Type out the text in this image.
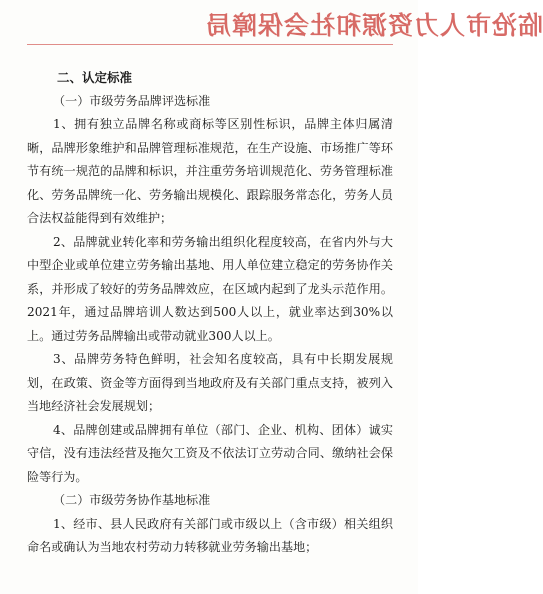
临沧市人力资源和社会保障局

二、认定标准

（一）市级劳务品牌评选标准

1、拥有独立品牌名称或商标等区别性标识，品牌主体归属清晰，品牌形象维护和品牌管理标准规范，在生产设施、市场推广等环节有统一规范的品牌和标识，并注重劳务培训规范化、劳务管理标准化、劳务品牌统一化、劳务输出规模化、跟踪服务常态化，劳务人员合法权益能得到有效维护；

2、品牌就业转化率和劳务输出组织化程度较高，在省内外与大中型企业或单位建立劳务输出基地、用人单位建立稳定的劳务协作关系，并形成了较好的劳务品牌效应，在区域内起到了龙头示范作用。2021年，通过品牌培训人数达到500人以上，就业率达到30%以上。通过劳务品牌输出或带动就业300人以上。

3、品牌劳务特色鲜明，社会知名度较高，具有中长期发展规划，在政策、资金等方面得到当地政府及有关部门重点支持，被列入当地经济社会发展规划；

4、品牌创建或品牌拥有单位（部门、企业、机构、团体）诚实守信，没有违法经营及拖欠工资及不依法订立劳动合同、缴纳社会保险等行为。

（二）市级劳务协作基地标准

1、经市、县人民政府有关部门或市级以上（含市级）相关组织命名或确认为当地农村劳动力转移就业劳务输出基地；
